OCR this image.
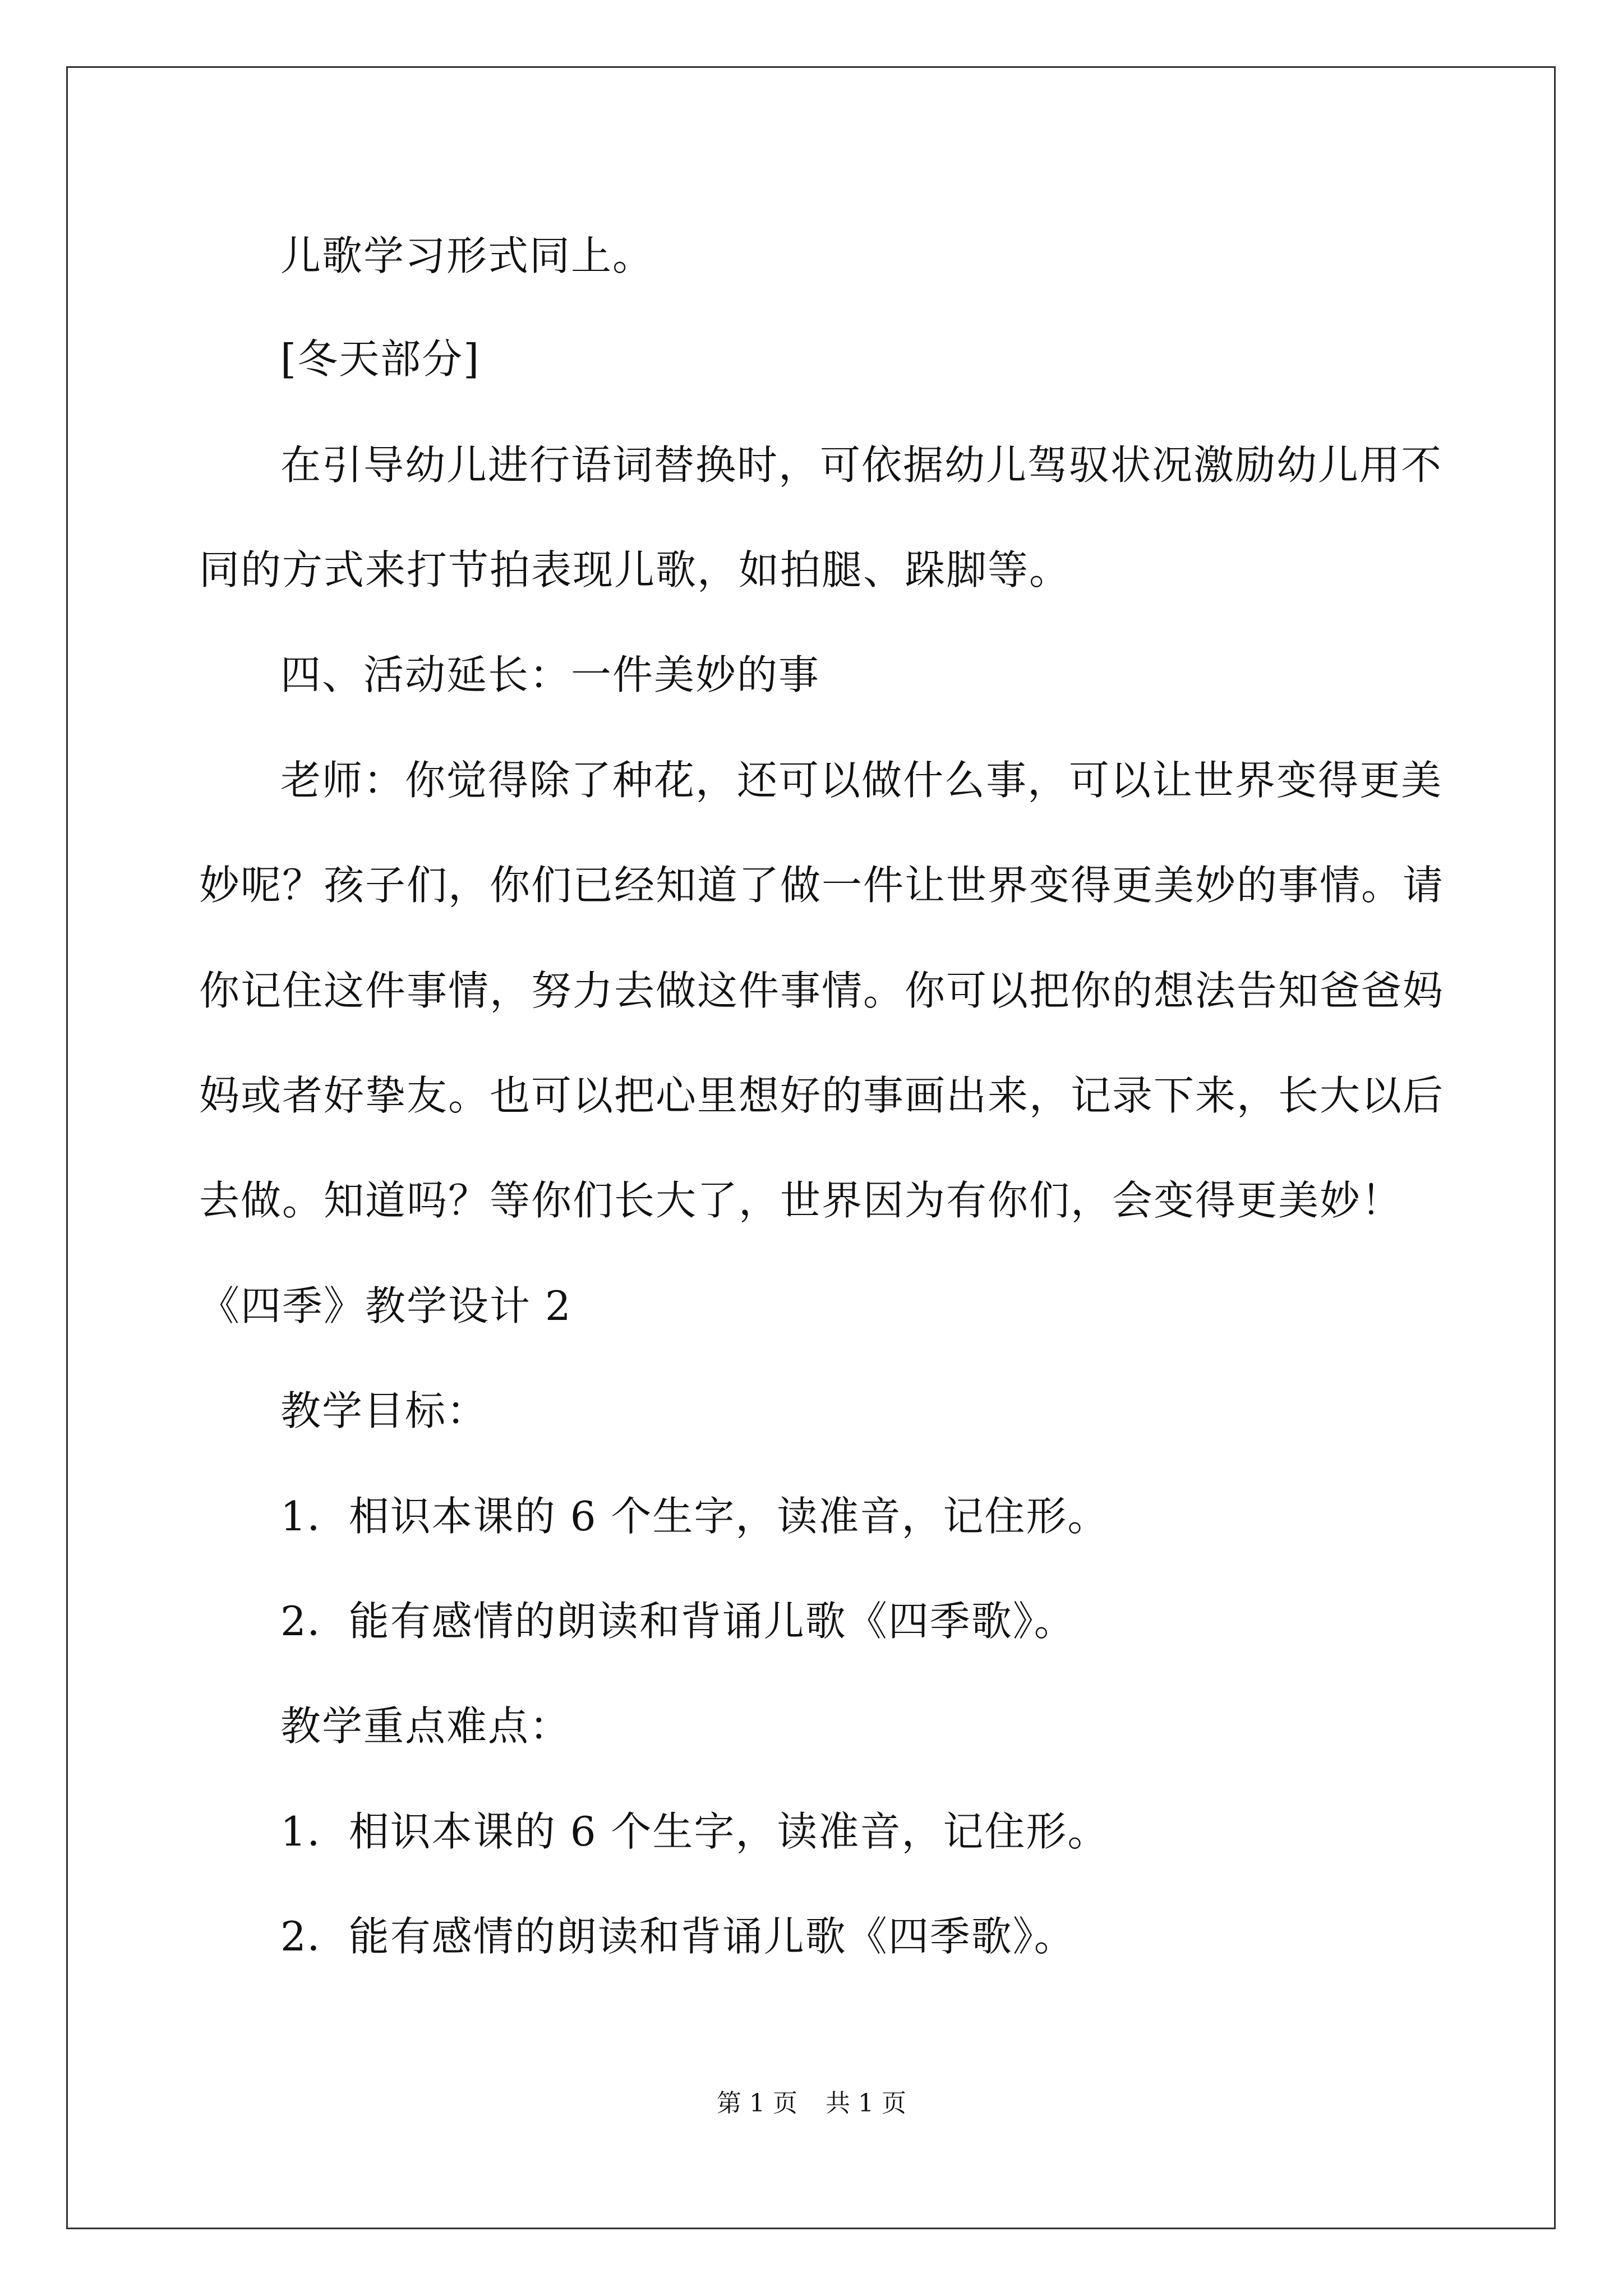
儿歌学习形式同上。
[冬天部分]
在引导幼儿进行语词替换时，可依据幼儿驾驭状况激励幼儿用不
同的方式来打节拍表现儿歌，如拍腿、跺脚等。
四、活动延长：一件美妙的事
老师：你觉得除了种花，还可以做什么事，可以让世界变得更美
妙呢？孩子们，你们已经知道了做一件让世界变得更美妙的事情。请
你记住这件事情，努力去做这件事情。你可以把你的想法告知爸爸妈
妈或者好挚友。也可以把心里想好的事画出来，记录下来，长大以后
去做。知道吗？等你们长大了，世界因为有你们，会变得更美妙！
《四季》教学设计 2
教学目标：
1．相识本课的 6 个生字，读准音，记住形。
2．能有感情的朗读和背诵儿歌《四季歌》。
教学重点难点：
1．相识本课的 6 个生字，读准音，记住形。
2．能有感情的朗读和背诵儿歌《四季歌》。
第 1 页 共 1 页
